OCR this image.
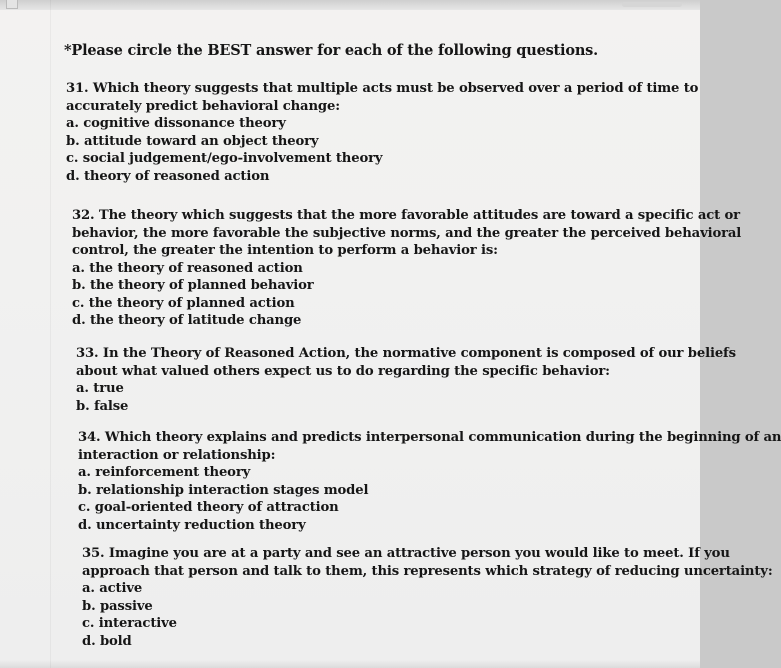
*Please circle the BEST answer for each of the following questions.

31. Which theory suggests that multiple acts must be observed over a period of time to
accurately predict behavioral change:

a. cognitive dissonance theory
b. attitude toward an object theory
c. social judgement/ego-involvement theory
d. theory of reasoned action

32. The theory which suggests that the more favorable attitudes are toward a specific act or
behavior, the more favorable the subjective norms, and the greater the perceived behavioral
control, the greater the intention to perform a behavior is:

a. the theory of reasoned action
b. the theory of planned behavior
c. the theory of planned action
d. the theory of latitude change

33. In the Theory of Reasoned Action, the normative component is composed of our beliefs
about what valued others expect us to do regarding the specific behavior:

a. true
b. false

34. Which theory explains and predicts interpersonal communication during the beginning of an
interaction or relationship:

a. reinforcement theory
b. relationship interaction stages model
c. goal-oriented theory of attraction
d. uncertainty reduction theory

35. Imagine you are at a party and see an attractive person you would like to meet. If you
approach that person and talk to them, this represents which strategy of reducing uncertainty:

a. active
b. passive
c. interactive
d. bold
